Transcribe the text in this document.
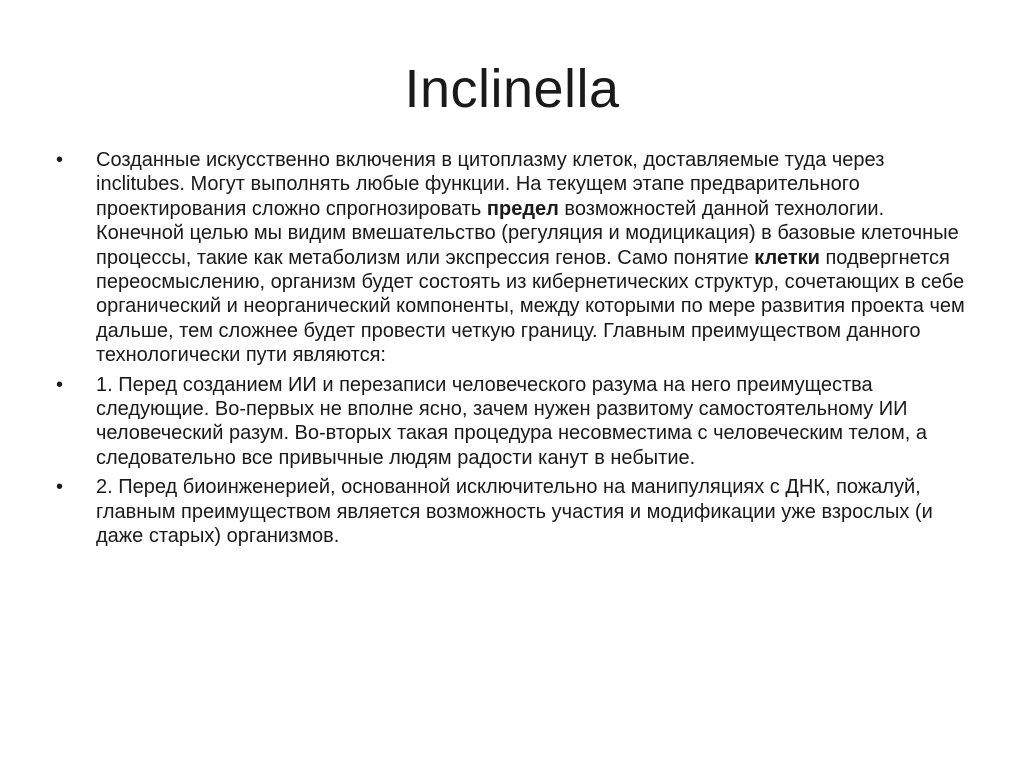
Inclinella
• Созданные искусственно включения в цитоплазму клеток, доставляемые туда через inclitubes. Могут выполнять любые функции. На текущем этапе предварительного проектирования сложно спрогнозировать предел возможностей данной технологии. Конечной целью мы видим вмешательство (регуляция и модицикация) в базовые клеточные процессы, такие как метаболизм или экспрессия генов. Само понятие клетки подвергнется переосмыслению, организм будет состоять из кибернетических структур, сочетающих в себе органический и неорганический компоненты, между которыми по мере развития проекта чем дальше, тем сложнее будет провести четкую границу. Главным преимуществом данного технологически пути являются:
• 1. Перед созданием ИИ и перезаписи человеческого разума на него преимущества следующие. Во-первых не вполне ясно, зачем нужен развитому самостоятельному ИИ человеческий разум. Во-вторых такая процедура несовместима с человеческим телом, а следовательно все привычные людям радости канут в небытие.
• 2. Перед биоинженерией, основанной исключительно на манипуляциях с ДНК, пожалуй, главным преимуществом является возможность участия и модификации уже взрослых (и даже старых) организмов.
